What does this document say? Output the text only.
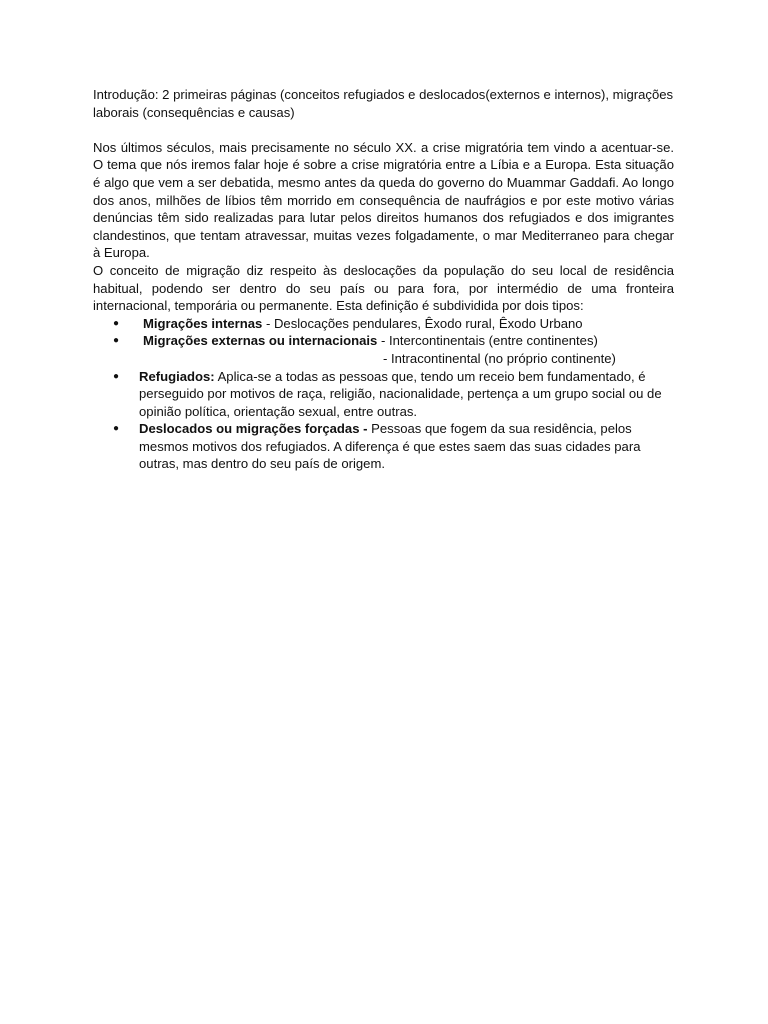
Introdução: 2 primeiras páginas (conceitos refugiados e deslocados(externos e internos), migrações laborais (consequências e causas)

Nos últimos séculos, mais precisamente no século XX. a crise migratória tem vindo a acentuar-se. O tema que nós iremos falar hoje é sobre a crise migratória entre a Líbia e a Europa. Esta situação é algo que vem a ser debatida, mesmo antes da queda do governo do Muammar Gaddafi. Ao longo dos anos, milhões de líbios têm morrido em consequência de naufrágios e por este motivo várias denúncias têm sido realizadas para lutar pelos direitos humanos dos refugiados e dos imigrantes clandestinos, que tentam atravessar, muitas vezes folgadamente, o mar Mediterraneo para chegar à Europa.

O conceito de migração diz respeito às deslocações da população do seu local de residência habitual, podendo ser dentro do seu país ou para fora, por intermédio de uma fronteira internacional, temporária ou permanente. Esta definição é subdividida por dois tipos:

● Migrações internas - Deslocações pendulares, Êxodo rural, Êxodo Urbano
● Migrações externas ou internacionais - Intercontinentais (entre continentes)
- Intracontinental (no próprio continente)
● Refugiados: Aplica-se a todas as pessoas que, tendo um receio bem fundamentado, é perseguido por motivos de raça, religião, nacionalidade, pertença a um grupo social ou de opinião política, orientação sexual, entre outras.
● Deslocados ou migrações forçadas - Pessoas que fogem da sua residência, pelos mesmos motivos dos refugiados. A diferença é que estes saem das suas cidades para outras, mas dentro do seu país de origem.
